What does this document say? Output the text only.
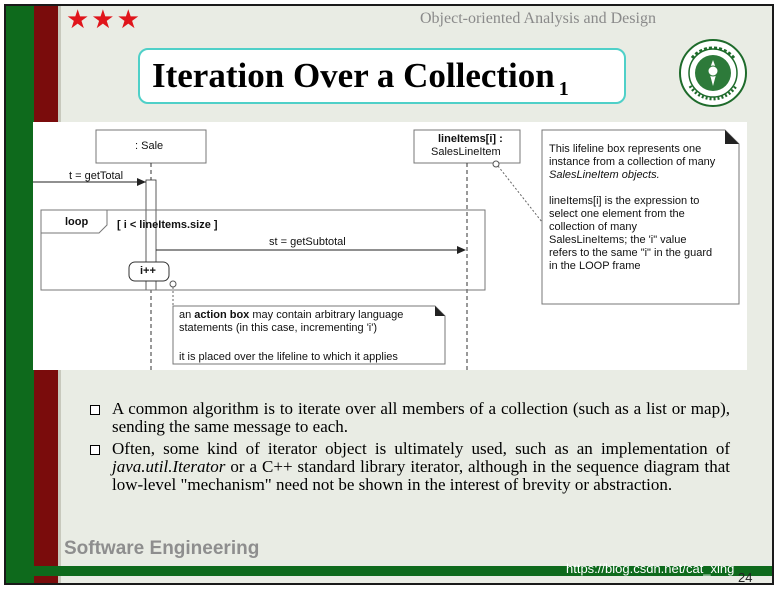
★★★	Object-oriented Analysis and Design
Iteration Over a Collection $_1$
: Sale
lineItems[i] :
SalesLineItem
t = getTotal
loop	[ i < lineItems.size ]
st = getSubtotal
i++
an action box may contain arbitrary language
statements (in this case, incrementing 'i')
it is placed over the lifeline to which it applies
This lifeline box represents one
instance from a collection of many
SalesLineItem objects.

lineItems[i] is the expression to
select one element from the
collection of many
SalesLineItems; the 'i" value
refers to the same "i" in the guard
in the LOOP frame
A common algorithm is to iterate over all members of a collection (such as a list or map), sending the same message to each.
Often, some kind of iterator object is ultimately used, such as an implementation of java.util.Iterator or a C++ standard library iterator, although in the sequence diagram that low-level "mechanism" need not be shown in the interest of brevity or abstraction.
Software Engineering
https://blog.csdn.net/cat_xing
24
